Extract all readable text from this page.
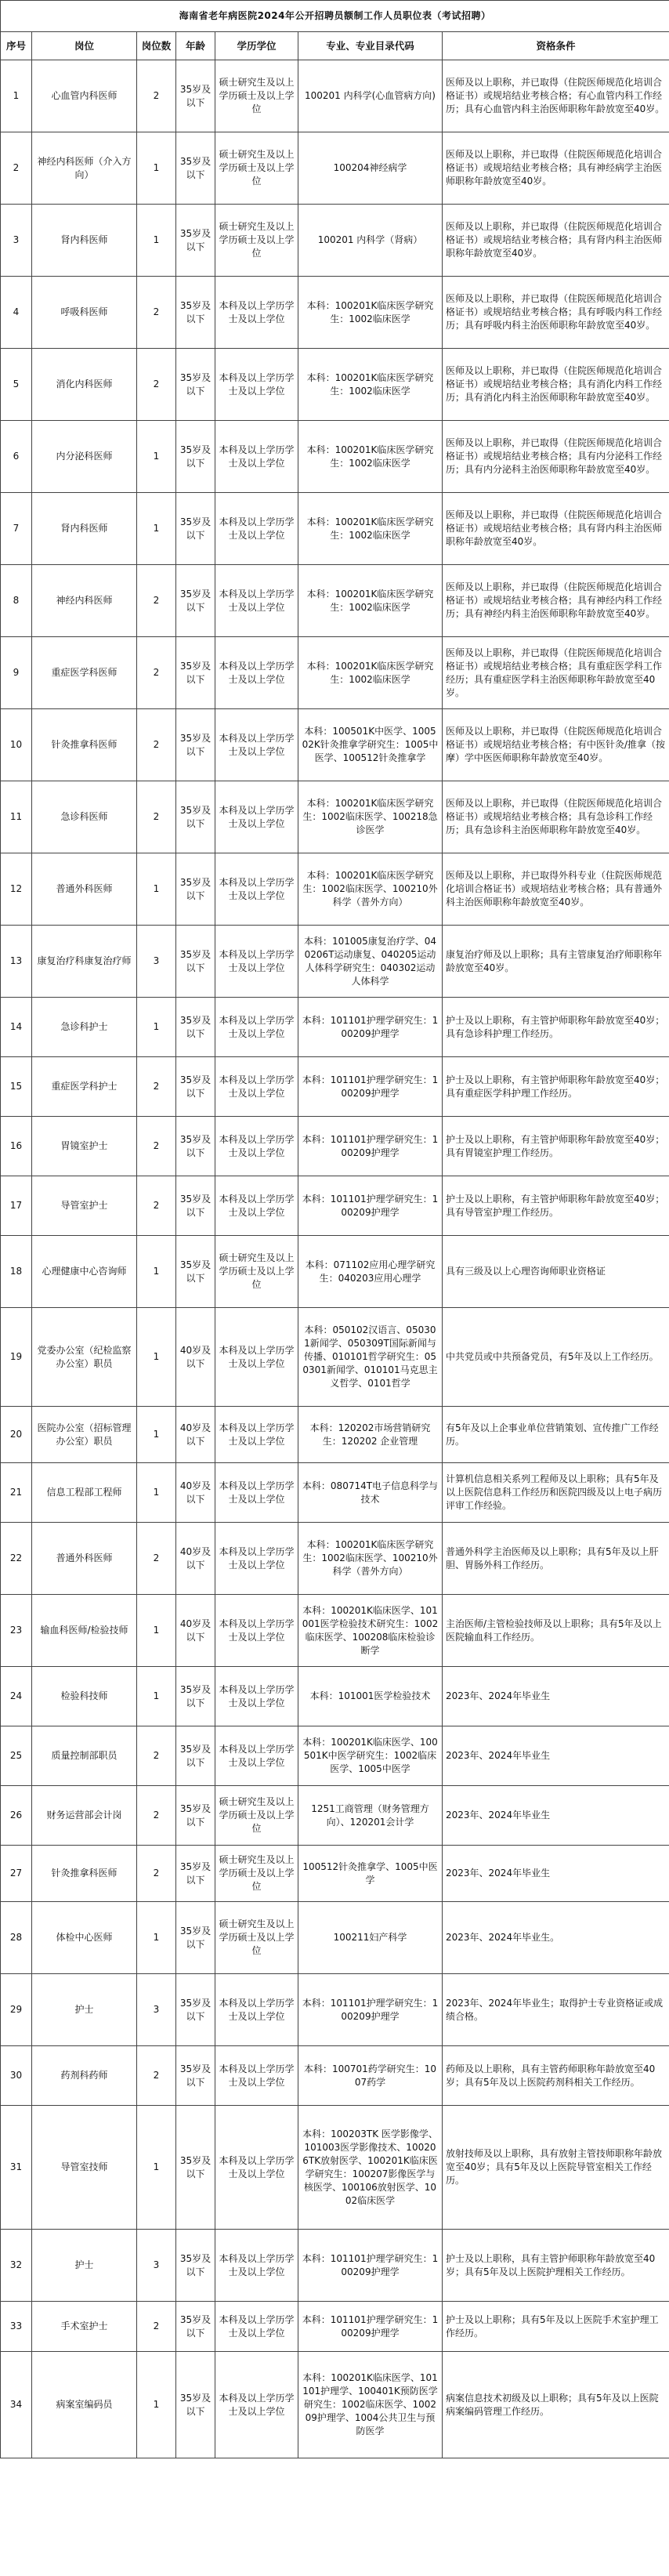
海南省老年病医院2024年公开招聘员额制工作人员职位表（考试招聘）						
序号	岗位	岗位数	年龄	学历学位	专业、专业目录代码	资格条件
1	心血管内科医师	2	35岁及以下	硕士研究生及以上学历硕士及以上学位	100201 内科学(心血管病方向)	医师及以上职称，并已取得（住院医师规范化培训合格证书）或规培结业考核合格；有心血管内科工作经历；具有心血管内科主治医师职称年龄放宽至40岁。
2	神经内科医师（介入方向）	1	35岁及以下	硕士研究生及以上学历硕士及以上学位	100204神经病学	医师及以上职称，并已取得（住院医师规范化培训合格证书）或规培结业考核合格；具有神经病学主治医师职称年龄放宽至40岁。
3	肾内科医师	1	35岁及以下	硕士研究生及以上学历硕士及以上学位	100201 内科学（肾病）	医师及以上职称，并已取得（住院医师规范化培训合格证书）或规培结业考核合格；具有肾内科主治医师职称年龄放宽至40岁。
4	呼吸科医师	2	35岁及以下	本科及以上学历学士及以上学位	本科：100201K临床医学研究生：1002临床医学	医师及以上职称，并已取得（住院医师规范化培训合格证书）或规培结业考核合格；具有呼吸内科工作经历；具有呼吸内科主治医师职称年龄放宽至40岁。
5	消化内科医师	2	35岁及以下	本科及以上学历学士及以上学位	本科：100201K临床医学研究生：1002临床医学	医师及以上职称，并已取得（住院医师规范化培训合格证书）或规培结业考核合格；具有消化内科工作经历；具有消化内科主治医师职称年龄放宽至40岁。
6	内分泌科医师	1	35岁及以下	本科及以上学历学士及以上学位	本科：100201K临床医学研究生：1002临床医学	医师及以上职称，并已取得（住院医师规范化培训合格证书）或规培结业考核合格；具有内分泌科工作经历；具有内分泌科主治医师职称年龄放宽至40岁。
7	肾内科医师	1	35岁及以下	本科及以上学历学士及以上学位	本科：100201K临床医学研究生：1002临床医学	医师及以上职称，并已取得（住院医师规范化培训合格证书）或规培结业考核合格；具有肾内科主治医师职称年龄放宽至40岁。
8	神经内科医师	2	35岁及以下	本科及以上学历学士及以上学位	本科：100201K临床医学研究生：1002临床医学	医师及以上职称，并已取得（住院医师规范化培训合格证书）或规培结业考核合格；具有神经内科工作经历；具有神经内科主治医师职称年龄放宽至40岁。
9	重症医学科医师	2	35岁及以下	本科及以上学历学士及以上学位	本科：100201K临床医学研究生：1002临床医学	医师及以上职称，并已取得（住院医师规范化培训合格证书）或规培结业考核合格；具有重症医学科工作经历；具有重症医学科主治医师职称年龄放宽至40岁。
10	针灸推拿科医师	2	35岁及以下	本科及以上学历学士及以上学位	本科：100501K中医学、100502K针灸推拿学研究生：1005中医学、100512针灸推拿学	医师及以上职称，并已取得（住院医师规范化培训合格证书）或规培结业考核合格；有中医针灸/推拿（按摩）学中医医师职称年龄放宽至40岁。
11	急诊科医师	2	35岁及以下	本科及以上学历学士及以上学位	本科：100201K临床医学研究生：1002临床医学、100218急诊医学	医师及以上职称，并已取得（住院医师规范化培训合格证书）或规培结业考核合格；具有急诊科工作经历；具有急诊科主治医师职称年龄放宽至40岁。
12	普通外科医师	1	35岁及以下	本科及以上学历学士及以上学位	本科：100201K临床医学研究生：1002临床医学、100210外科学（普外方向）	医师及以上职称，并已取得外科专业（住院医师规范化培训合格证书）或规培结业考核合格；具有普通外科主治医师职称年龄放宽至40岁。
13	康复治疗科康复治疗师	3	35岁及以下	本科及以上学历学士及以上学位	本科：101005康复治疗学、040206T运动康复、040205运动人体科学研究生：040302运动人体科学	康复治疗师及以上职称；具有主管康复治疗师职称年龄放宽至40岁。
14	急诊科护士	1	35岁及以下	本科及以上学历学士及以上学位	本科：101101护理学研究生：100209护理学	护士及以上职称，有主管护师职称年龄放宽至40岁；具有急诊科护理工作经历。
15	重症医学科护士	2	35岁及以下	本科及以上学历学士及以上学位	本科：101101护理学研究生：100209护理学	护士及以上职称，有主管护师职称年龄放宽至40岁；具有重症医学科护理工作经历。
16	胃镜室护士	2	35岁及以下	本科及以上学历学士及以上学位	本科：101101护理学研究生：100209护理学	护士及以上职称，有主管护师职称年龄放宽至40岁；具有胃镜室护理工作经历。
17	导管室护士	2	35岁及以下	本科及以上学历学士及以上学位	本科：101101护理学研究生：100209护理学	护士及以上职称，有主管护师职称年龄放宽至40岁；具有导管室护理工作经历。
18	心理健康中心咨询师	1	35岁及以下	硕士研究生及以上学历硕士及以上学位	本科：071102应用心理学研究生：040203应用心理学	具有三级及以上心理咨询师职业资格证
19	党委办公室（纪检监察办公室）职员	1	40岁及以下	本科及以上学历学士及以上学位	本科：050102汉语言、050301新闻学、050309T国际新闻与传播、010101哲学研究生：050301新闻学、010101马克思主义哲学、0101哲学	中共党员或中共预备党员，有5年及以上工作经历。
20	医院办公室（招标管理办公室）职员	1	40岁及以下	本科及以上学历学士及以上学位	本科：120202市场营销研究生：120202 企业管理	有5年及以上企事业单位营销策划、宣传推广工作经历。
21	信息工程部工程师	1	40岁及以下	本科及以上学历学士及以上学位	本科：080714T电子信息科学与技术	计算机信息相关系列工程师及以上职称；具有5年及以上医院信息科工作经历和医院四级及以上电子病历评审工作经验。
22	普通外科医师	2	40岁及以下	本科及以上学历学士及以上学位	本科：100201K临床医学研究生：1002临床医学、100210外科学（普外方向）	普通外科学主治医师及以上职称；具有5年及以上肝胆、胃肠外科工作经历。
23	输血科医师/检验技师	1	40岁及以下	本科及以上学历学士及以上学位	本科：100201K临床医学、101001医学检验技术研究生：1002临床医学、100208临床检验诊断学	主治医师/主管检验技师及以上职称；具有5年及以上医院输血科工作经历。
24	检验科技师	1	35岁及以下	本科及以上学历学士及以上学位	本科：101001医学检验技术	2023年、2024年毕业生
25	质量控制部职员	2	35岁及以下	本科及以上学历学士及以上学位	本科：100201K临床医学、100501K中医学研究生：1002临床医学、1005中医学	2023年、2024年毕业生
26	财务运营部会计岗	2	35岁及以下	硕士研究生及以上学历硕士及以上学位	1251工商管理（财务管理方向）、120201会计学	2023年、2024年毕业生
27	针灸推拿科医师	2	35岁及以下	硕士研究生及以上学历硕士及以上学位	100512针灸推拿学、1005中医学	2023年、2024年毕业生
28	体检中心医师	1	35岁及以下	硕士研究生及以上学历硕士及以上学位	100211妇产科学	2023年、2024年毕业生。
29	护士	3	35岁及以下	本科及以上学历学士及以上学位	本科：101101护理学研究生：100209护理学	2023年、2024年毕业生；取得护士专业资格证或成绩合格。
30	药剂科药师	2	35岁及以下	本科及以上学历学士及以上学位	本科：100701药学研究生：1007药学	药师及以上职称，具有主管药师职称年龄放宽至40岁；具有5年及以上医院药剂科相关工作经历。
31	导管室技师	1	35岁及以下	本科及以上学历学士及以上学位	本科：100203TK 医学影像学、101003医学影像技术、100206TK放射医学、100201K临床医学研究生：100207影像医学与核医学、100106放射医学、1002临床医学	放射技师及以上职称，具有放射主管技师职称年龄放宽至40岁；具有5年及以上医院导管室相关工作经历。
32	护士	3	35岁及以下	本科及以上学历学士及以上学位	本科：101101护理学研究生：100209护理学	护士及以上职称，具有主管护师职称年龄放宽至40岁；具有5年及以上医院护理相关工作经历。
33	手术室护士	2	35岁及以下	本科及以上学历学士及以上学位	本科：101101护理学研究生：100209护理学	护士及以上职称；具有5年及以上医院手术室护理工作经历。
34	病案室编码员	1	35岁及以下	本科及以上学历学士及以上学位	本科：100201K临床医学、101101护理学、100401K预防医学研究生：1002临床医学、100209护理学、1004公共卫生与预防医学	病案信息技术初级及以上职称；具有5年及以上医院病案编码管理工作经历。
